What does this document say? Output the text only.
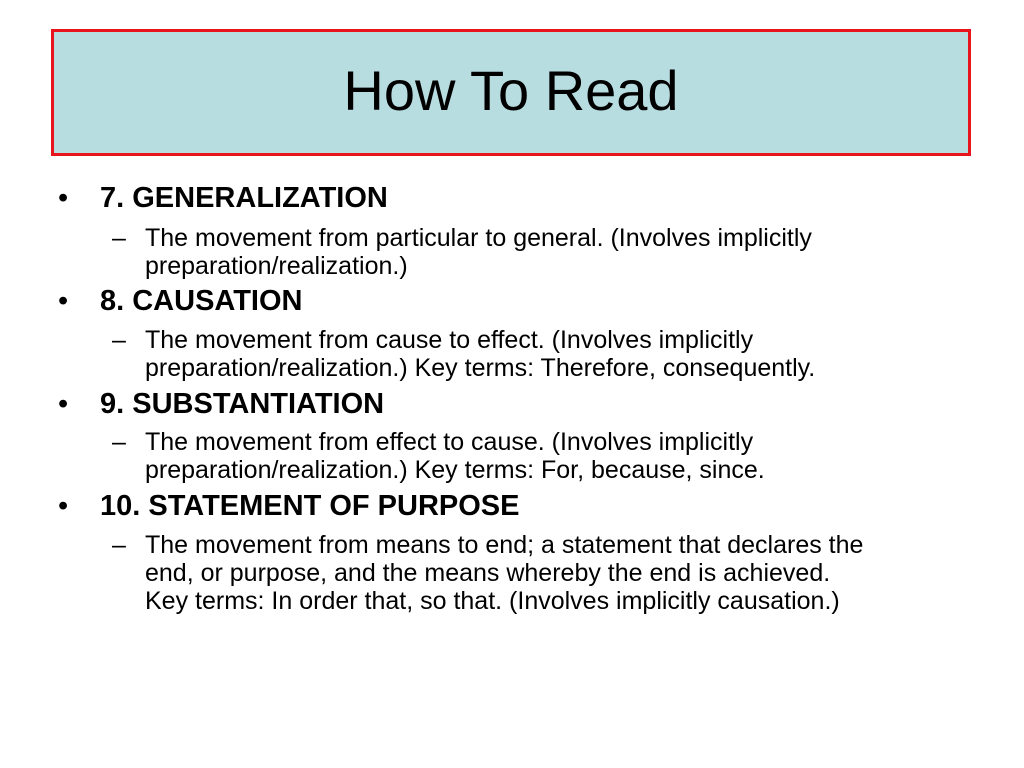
How To Read
•	7. GENERALIZATION
– The movement from particular to general. (Involves implicitly
preparation/realization.)
•	8. CAUSATION
– The movement from cause to effect. (Involves implicitly
preparation/realization.) Key terms: Therefore, consequently.
•	9. SUBSTANTIATION
– The movement from effect to cause. (Involves implicitly
preparation/realization.) Key terms: For, because, since.
•	10. STATEMENT OF PURPOSE
– The movement from means to end; a statement that declares the
end, or purpose, and the means whereby the end is achieved.
Key terms: In order that, so that. (Involves implicitly causation.)
